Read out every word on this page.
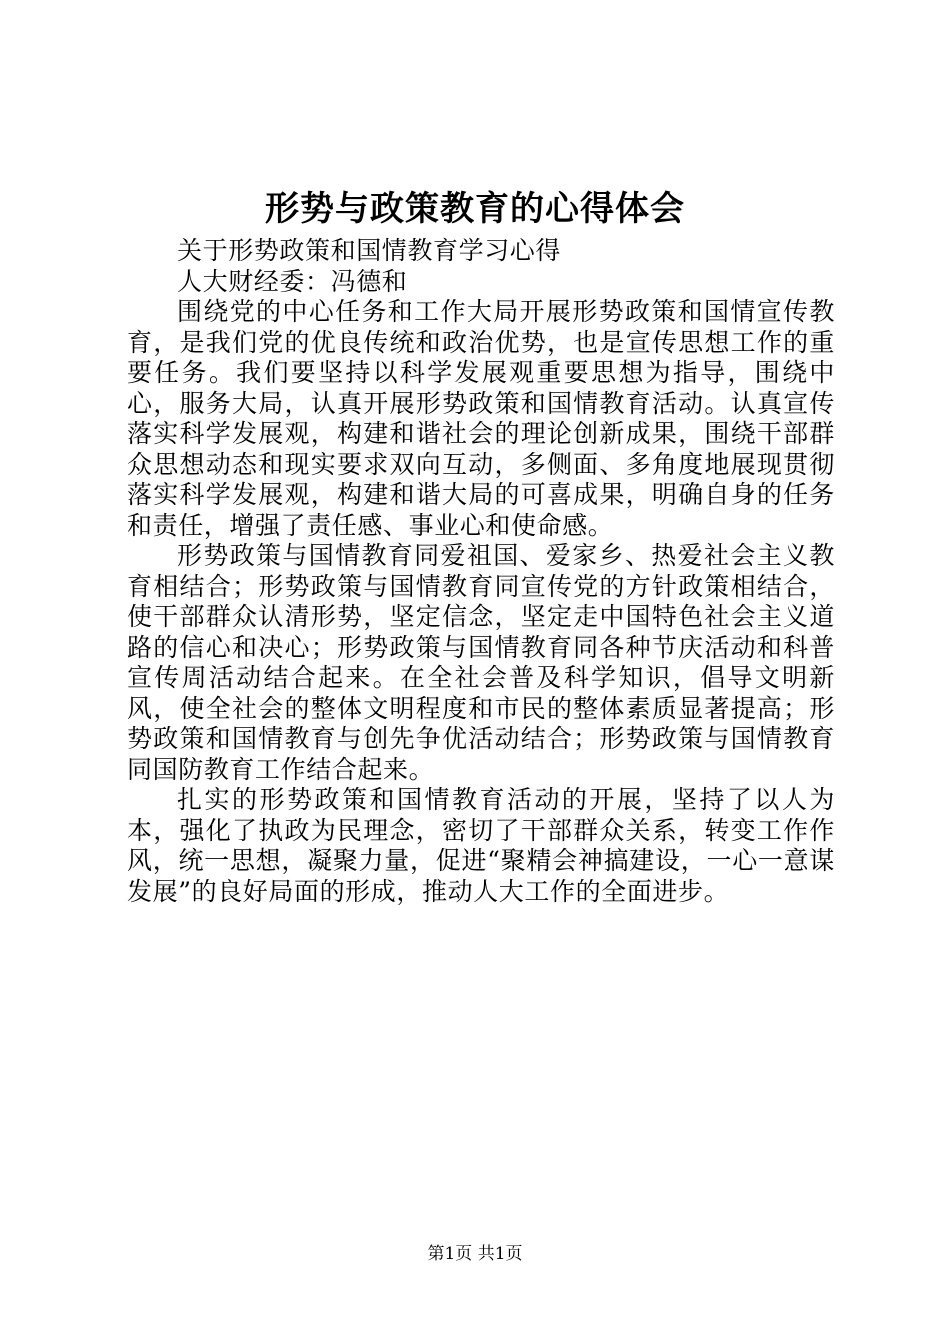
形势与政策教育的心得体会

关于形势政策和国情教育学习心得

人大财经委：冯德和

围绕党的中心任务和工作大局开展形势政策和国情宣传教育，是我们党的优良传统和政治优势，也是宣传思想工作的重要任务。我们要坚持以科学发展观重要思想为指导，围绕中心，服务大局，认真开展形势政策和国情教育活动。认真宣传落实科学发展观，构建和谐社会的理论创新成果，围绕干部群众思想动态和现实要求双向互动，多侧面、多角度地展现贯彻落实科学发展观，构建和谐大局的可喜成果，明确自身的任务和责任，增强了责任感、事业心和使命感。

形势政策与国情教育同爱祖国、爱家乡、热爱社会主义教育相结合；形势政策与国情教育同宣传党的方针政策相结合，使干部群众认清形势，坚定信念，坚定走中国特色社会主义道路的信心和决心；形势政策与国情教育同各种节庆活动和科普宣传周活动结合起来。在全社会普及科学知识，倡导文明新风，使全社会的整体文明程度和市民的整体素质显著提高；形势政策和国情教育与创先争优活动结合；形势政策与国情教育同国防教育工作结合起来。

扎实的形势政策和国情教育活动的开展，坚持了以人为本，强化了执政为民理念，密切了干部群众关系，转变工作作风，统一思想，凝聚力量，促进“聚精会神搞建设，一心一意谋发展”的良好局面的形成，推动人大工作的全面进步。

第1页 共1页
